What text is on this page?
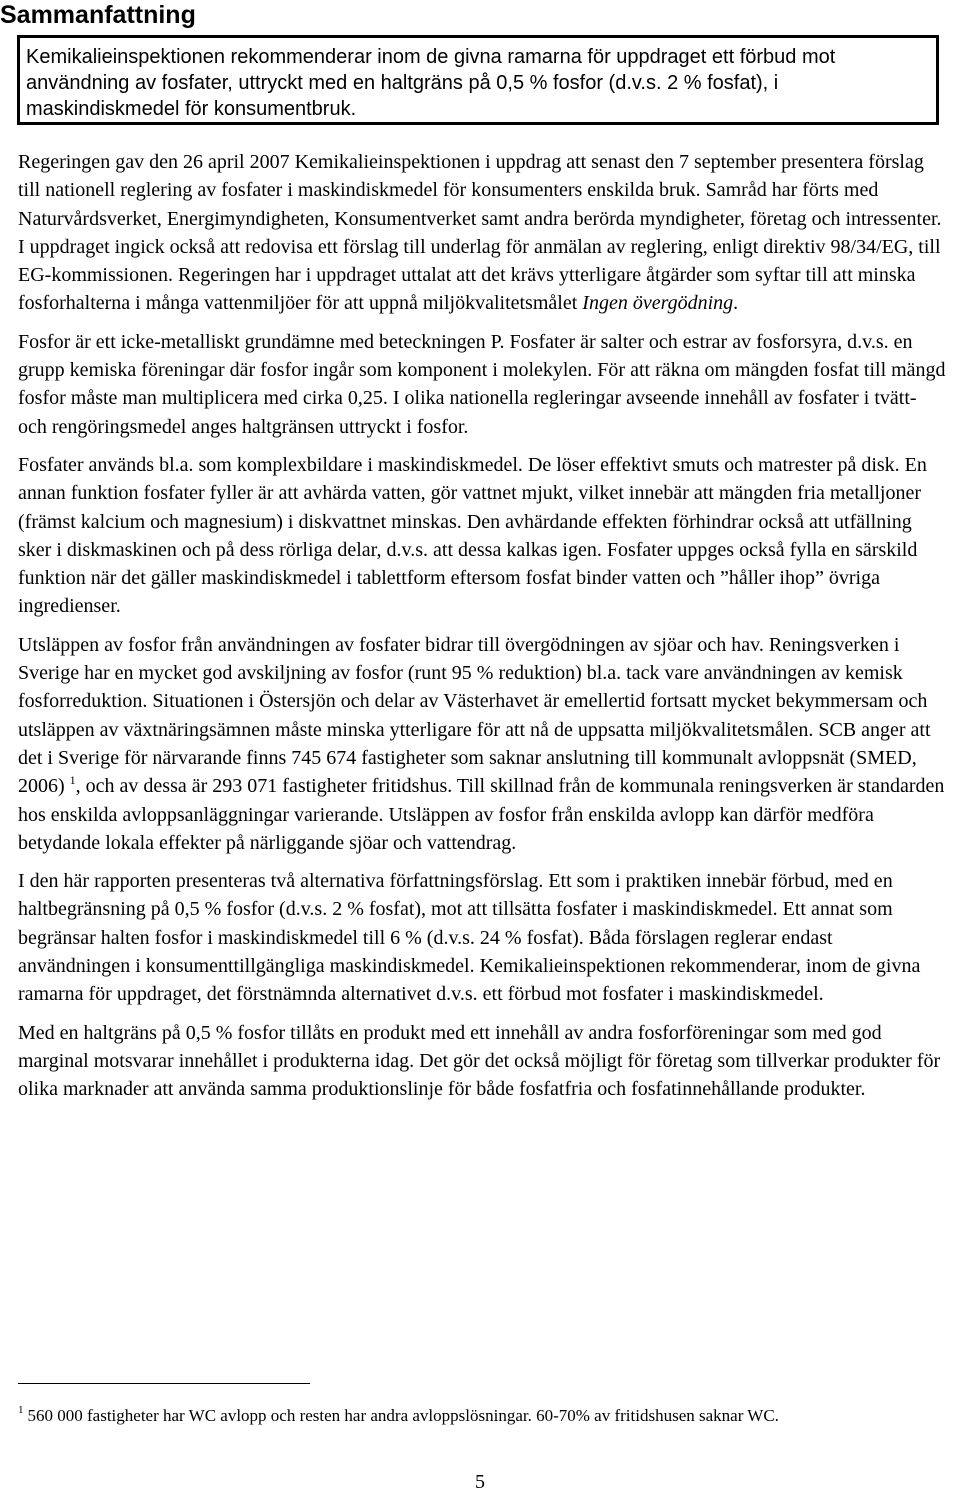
Sammanfattning
Kemikalieinspektionen rekommenderar inom de givna ramarna för uppdraget ett förbud mot användning av fosfater, uttryckt med en haltgräns på 0,5 % fosfor (d.v.s. 2 % fosfat), i maskindiskmedel för konsumentbruk.

Regeringen gav den 26 april 2007 Kemikalieinspektionen i uppdrag att senast den 7 september presentera förslag till nationell reglering av fosfater i maskindiskmedel för konsumenters enskilda bruk. Samråd har förts med Naturvårdsverket, Energimyndigheten, Konsumentverket samt andra berörda myndigheter, företag och intressenter. I uppdraget ingick också att redovisa ett förslag till underlag för anmälan av reglering, enligt direktiv 98/34/EG, till EG-kommissionen. Regeringen har i uppdraget uttalat att det krävs ytterligare åtgärder som syftar till att minska fosforhalterna i många vattenmiljöer för att uppnå miljökvalitetsmålet Ingen övergödning.

Fosfor är ett icke-metalliskt grundämne med beteckningen P. Fosfater är salter och estrar av fosforsyra, d.v.s. en grupp kemiska föreningar där fosfor ingår som komponent i molekylen. För att räkna om mängden fosfat till mängd fosfor måste man multiplicera med cirka 0,25. I olika nationella regleringar avseende innehåll av fosfater i tvätt- och rengöringsmedel anges haltgränsen uttryckt i fosfor.

Fosfater används bl.a. som komplexbildare i maskindiskmedel. De löser effektivt smuts och matrester på disk. En annan funktion fosfater fyller är att avhärda vatten, gör vattnet mjukt, vilket innebär att mängden fria metalljoner (främst kalcium och magnesium) i diskvattnet minskas. Den avhärdande effekten förhindrar också att utfällning sker i diskmaskinen och på dess rörliga delar, d.v.s. att dessa kalkas igen. Fosfater uppges också fylla en särskild funktion när det gäller maskindiskmedel i tablettform eftersom fosfat binder vatten och ”håller ihop” övriga ingredienser.

Utsläppen av fosfor från användningen av fosfater bidrar till övergödningen av sjöar och hav. Reningsverken i Sverige har en mycket god avskiljning av fosfor (runt 95 % reduktion) bl.a. tack vare användningen av kemisk fosforreduktion. Situationen i Östersjön och delar av Västerhavet är emellertid fortsatt mycket bekymmersam och utsläppen av växtnäringsämnen måste minska ytterligare för att nå de uppsatta miljökvalitetsmålen. SCB anger att det i Sverige för närvarande finns 745 674 fastigheter som saknar anslutning till kommunalt avloppsnät (SMED, 2006) $^1$, och av dessa är 293 071 fastigheter fritidshus. Till skillnad från de kommunala reningsverken är standarden hos enskilda avloppsanläggningar varierande. Utsläppen av fosfor från enskilda avlopp kan därför medföra betydande lokala effekter på närliggande sjöar och vattendrag.

I den här rapporten presenteras två alternativa författningsförslag. Ett som i praktiken innebär förbud, med en haltbegränsning på 0,5 % fosfor (d.v.s. 2 % fosfat), mot att tillsätta fosfater i maskindiskmedel. Ett annat som begränsar halten fosfor i maskindiskmedel till 6 % (d.v.s. 24 % fosfat). Båda förslagen reglerar endast användningen i konsumenttillgängliga maskindiskmedel. Kemikalieinspektionen rekommenderar, inom de givna ramarna för uppdraget, det förstnämnda alternativet d.v.s. ett förbud mot fosfater i maskindiskmedel.

Med en haltgräns på 0,5 % fosfor tillåts en produkt med ett innehåll av andra fosforföreningar som med god marginal motsvarar innehållet i produkterna idag. Det gör det också möjligt för företag som tillverkar produkter för olika marknader att använda samma produktionslinje för både fosfatfria och fosfatinnehållande produkter.

$^1$ 560 000 fastigheter har WC avlopp och resten har andra avloppslösningar. 60-70% av fritidshusen saknar WC.
5
